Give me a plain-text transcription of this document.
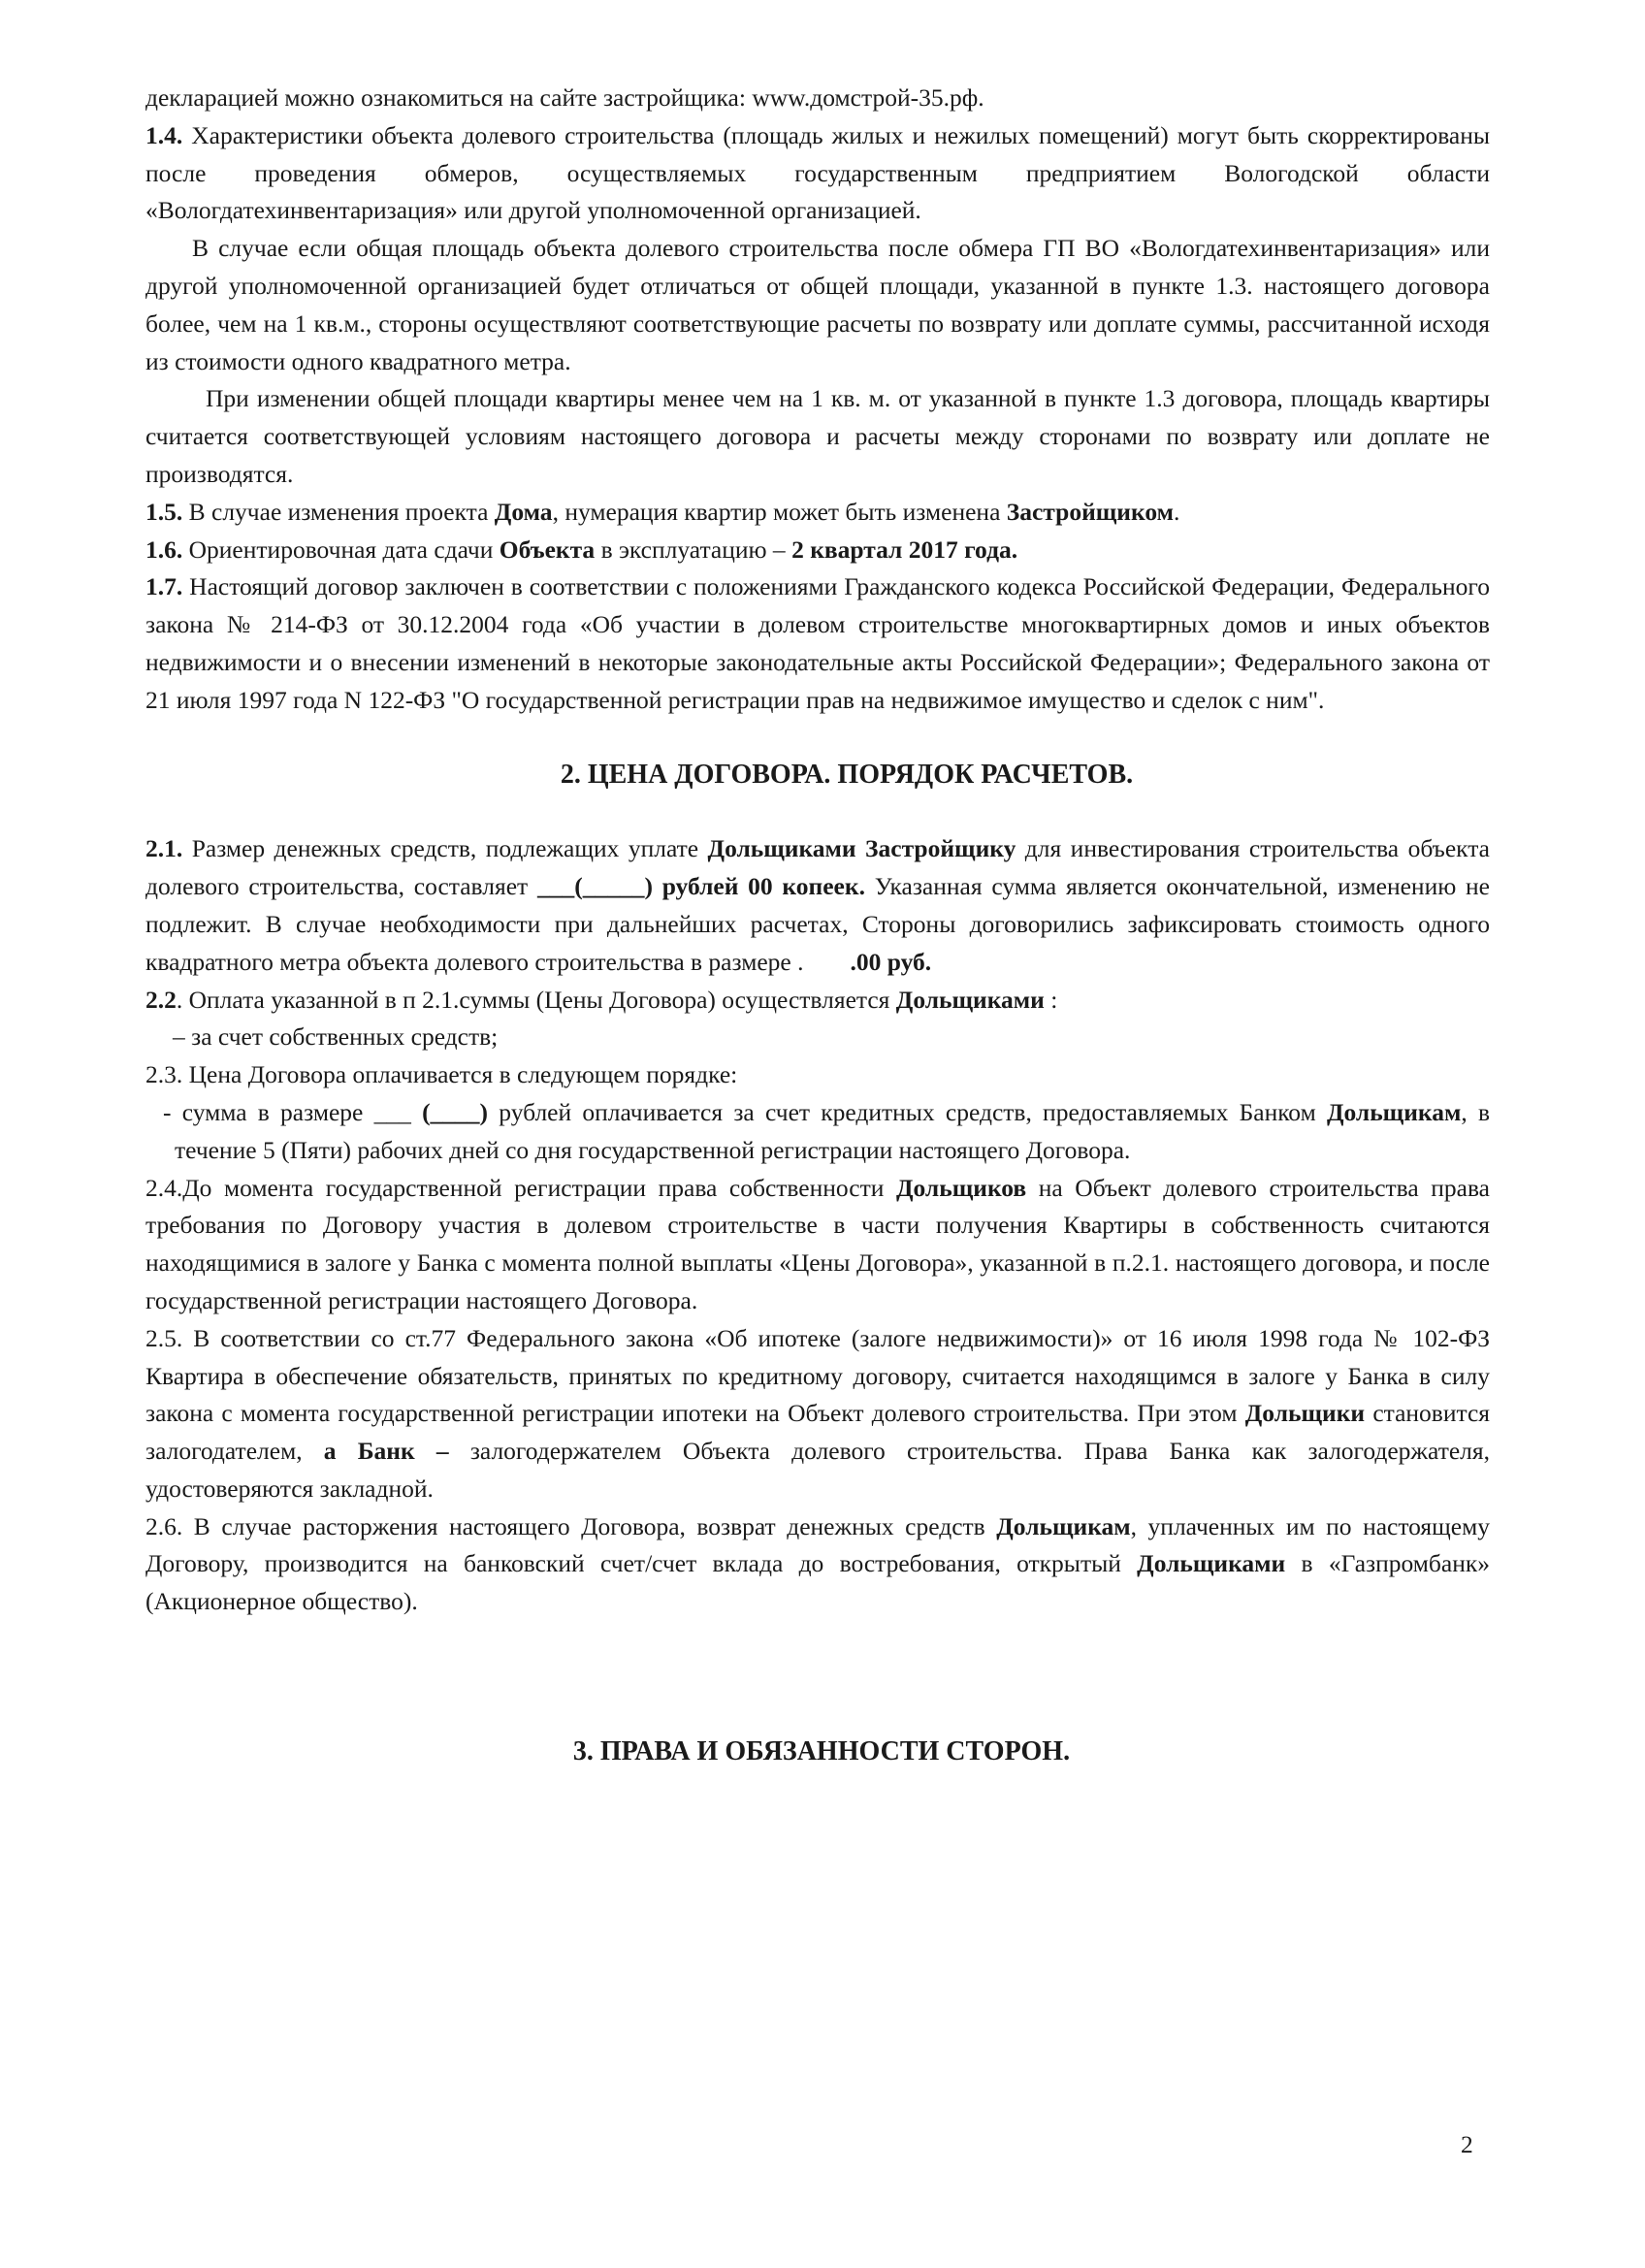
декларацией можно ознакомиться на сайте застройщика: www.домстрой-35.рф.

1.4. Характеристики объекта долевого строительства (площадь жилых и нежилых помещений) могут быть скорректированы после проведения обмеров, осуществляемых государственным предприятием Вологодской области «Вологдатехинвентаризация» или другой уполномоченной организацией.

В случае если общая площадь объекта долевого строительства после обмера ГП ВО «Вологдатехинвентаризация» или другой уполномоченной организацией будет отличаться от общей площади, указанной в пункте 1.3. настоящего договора более, чем на 1 кв.м., стороны осуществляют соответствующие расчеты по возврату или доплате суммы, рассчитанной исходя из стоимости одного квадратного метра.

При изменении общей площади квартиры менее чем на 1 кв. м. от указанной в пункте 1.3 договора, площадь квартиры считается соответствующей условиям настоящего договора и расчеты между сторонами по возврату или доплате не производятся.

1.5. В случае изменения проекта Дома, нумерация квартир может быть изменена Застройщиком.

1.6. Ориентировочная дата сдачи Объекта в эксплуатацию – 2 квартал 2017 года.

1.7. Настоящий договор заключен в соответствии с положениями Гражданского кодекса Российской Федерации, Федерального закона № 214-ФЗ от 30.12.2004 года «Об участии в долевом строительстве многоквартирных домов и иных объектов недвижимости и о внесении изменений в некоторые законодательные акты Российской Федерации»; Федерального закона от 21 июля 1997 года N 122-ФЗ "О государственной регистрации прав на недвижимое имущество и сделок с ним".

2. ЦЕНА ДОГОВОРА. ПОРЯДОК РАСЧЕТОВ.

2.1. Размер денежных средств, подлежащих уплате Дольщиками Застройщику для инвестирования строительства объекта долевого строительства, составляет ___(_____) рублей 00 копеек. Указанная сумма является окончательной, изменению не подлежит. В случае необходимости при дальнейших расчетах, Стороны договорились зафиксировать стоимость одного квадратного метра объекта долевого строительства в размере . .00 руб.

2.2. Оплата указанной в п 2.1.суммы (Цены Договора) осуществляется Дольщиками :

– за счет собственных средств;

2.3. Цена Договора оплачивается в следующем порядке:

- сумма в размере ___ (____) рублей оплачивается за счет кредитных средств, предоставляемых Банком Дольщикам, в течение 5 (Пяти) рабочих дней со дня государственной регистрации настоящего Договора.

2.4.До момента государственной регистрации права собственности Дольщиков на Объект долевого строительства права требования по Договору участия в долевом строительстве в части получения Квартиры в собственность считаются находящимися в залоге у Банка с момента полной выплаты «Цены Договора», указанной в п.2.1. настоящего договора, и после государственной регистрации настоящего Договора.

2.5. В соответствии со ст.77 Федерального закона «Об ипотеке (залоге недвижимости)» от 16 июля 1998 года № 102-ФЗ Квартира в обеспечение обязательств, принятых по кредитному договору, считается находящимся в залоге у Банка в силу закона с момента государственной регистрации ипотеки на Объект долевого строительства. При этом Дольщики становится залогодателем, а Банк – залогодержателем Объекта долевого строительства. Права Банка как залогодержателя, удостоверяются закладной.

2.6. В случае расторжения настоящего Договора, возврат денежных средств Дольщикам, уплаченных им по настоящему Договору, производится на банковский счет/счет вклада до востребования, открытый Дольщиками в «Газпромбанк» (Акционерное общество).

3. ПРАВА И ОБЯЗАННОСТИ СТОРОН.

2
